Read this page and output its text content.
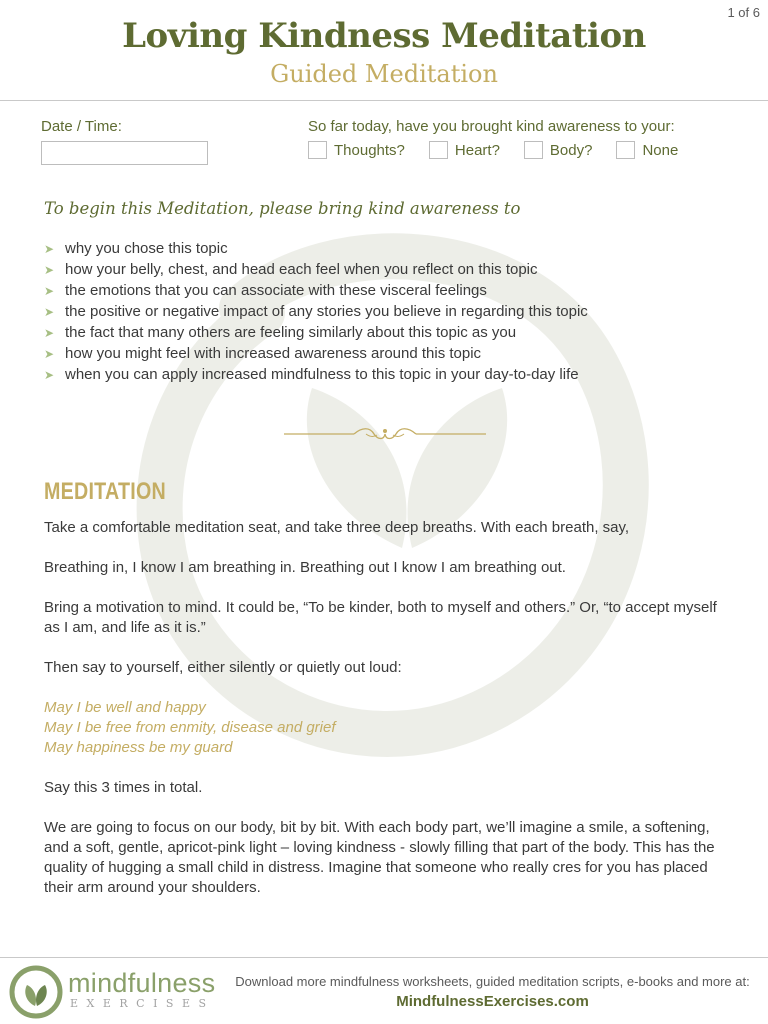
1 of 6
Loving Kindness Meditation
Guided Meditation
Date / Time:	So far today, have you brought kind awareness to your:
Thoughts?	Heart?	Body?	None
To begin this Meditation, please bring kind awareness to
➤ why you chose this topic
➤ how your belly, chest, and head each feel when you reflect on this topic
➤ the emotions that you can associate with these visceral feelings
➤ the positive or negative impact of any stories you believe in regarding this topic
➤ the fact that many others are feeling similarly about this topic as you
➤ how you might feel with increased awareness around this topic
➤ when you can apply increased mindfulness to this topic in your day-to-day life
MEDITATION
Take a comfortable meditation seat, and take three deep breaths. With each breath, say,
Breathing in, I know I am breathing in. Breathing out I know I am breathing out.
Bring a motivation to mind. It could be, “To be kinder, both to myself and others.” Or, “to accept myself as I am, and life as it is.”
Then say to yourself, either silently or quietly out loud:
May I be well and happy
May I be free from enmity, disease and grief
May happiness be my guard
Say this 3 times in total.
We are going to focus on our body, bit by bit. With each body part, we’ll imagine a smile, a softening, and a soft, gentle, apricot-pink light – loving kindness - slowly filling that part of the body. This has the quality of hugging a small child in distress. Imagine that someone who really cres for you has placed their arm around your shoulders.
mindfulness
EXERCISES
Download more mindfulness worksheets, guided meditation scripts, e-books and more at:
MindfulnessExercises.com
